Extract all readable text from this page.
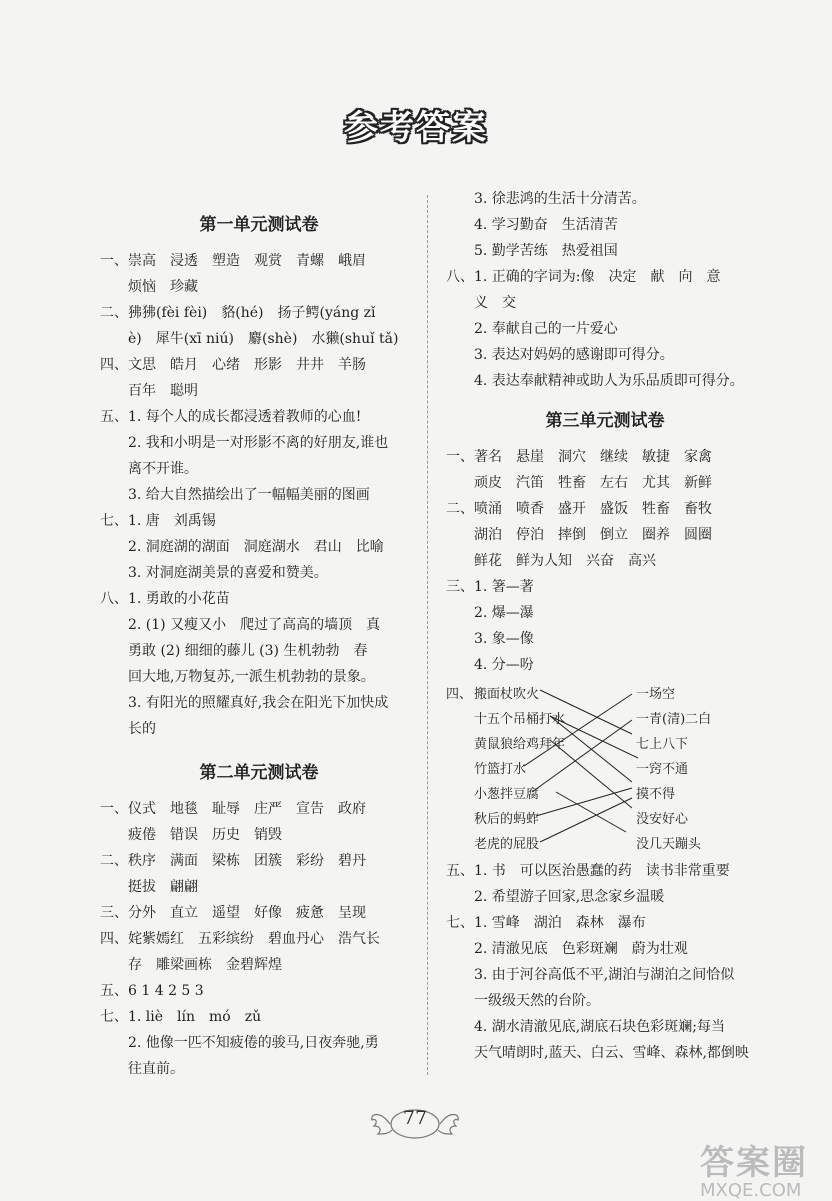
参考答案
第一单元测试卷
一、崇高　浸透　塑造　观赏　青螺　峨眉
烦恼　珍藏
二、狒狒(fèi fèi)　貉(hé)　扬子鳄(yáng zǐ
è)　犀牛(xī niú)　麝(shè)　水獭(shuǐ tǎ)
四、文思　皓月　心绪　形影　井井　羊肠
百年　聪明
五、1. 每个人的成长都浸透着教师的心血!
2. 我和小明是一对形影不离的好朋友,谁也
离不开谁。
3. 给大自然描绘出了一幅幅美丽的图画
七、1. 唐　刘禹锡
2. 洞庭湖的湖面　洞庭湖水　君山　比喻
3. 对洞庭湖美景的喜爱和赞美。
八、1. 勇敢的小花苗
2. (1) 又瘦又小　爬过了高高的墙顶　真
勇敢 (2) 细细的藤儿 (3) 生机勃勃　春
回大地,万物复苏,一派生机勃勃的景象。
3. 有阳光的照耀真好,我会在阳光下加快成
长的
第二单元测试卷
一、仪式　地毯　耻辱　庄严　宣告　政府
疲倦　错误　历史　销毁
二、秩序　满面　梁栋　团簇　彩纷　碧丹
挺拔　翩翩
三、分外　直立　遥望　好像　疲惫　呈现
四、姹紫嫣红　五彩缤纷　碧血丹心　浩气长
存　雕梁画栋　金碧辉煌
五、6 1 4 2 5 3
七、1. liè　lín　mó　zǔ
2. 他像一匹不知疲倦的骏马,日夜奔驰,勇
往直前。
3. 徐悲鸿的生活十分清苦。
4. 学习勤奋　生活清苦
5. 勤学苦练　热爱祖国
八、1. 正确的字词为:像　决定　献　向　意
义　交
2. 奉献自己的一片爱心
3. 表达对妈妈的感谢即可得分。
4. 表达奉献精神或助人为乐品质即可得分。
第三单元测试卷
一、著名　悬崖　洞穴　继续　敏捷　家禽
顽皮　汽笛　牲畜　左右　尤其　新鲜
二、喷涌　喷香　盛开　盛饭　牲畜　畜牧
湖泊　停泊　摔倒　倒立　圈养　圆圈
鲜花　鲜为人知　兴奋　高兴
三、1. 箸—著
2. 爆—瀑
3. 象—像
4. 分—吩
四、 搬面杖吹火
十五个吊桶打水
黄鼠狼给鸡拜年
竹篮打水
小葱拌豆腐
秋后的蚂蚱
老虎的屁股
一场空
一青(清)二白
七上八下
一窍不通
摸不得
没安好心
没几天蹦头
五、1. 书　可以医治愚蠢的药　读书非常重要
2. 希望游子回家,思念家乡温暖
七、1. 雪峰　湖泊　森林　瀑布
2. 清澈见底　色彩斑斓　蔚为壮观
3. 由于河谷高低不平,湖泊与湖泊之间恰似
一级级天然的台阶。
4. 湖水清澈见底,湖底石块色彩斑斓;每当
天气晴朗时,蓝天、白云、雪峰、森林,都倒映
77
答案圈
MXQE.COM
